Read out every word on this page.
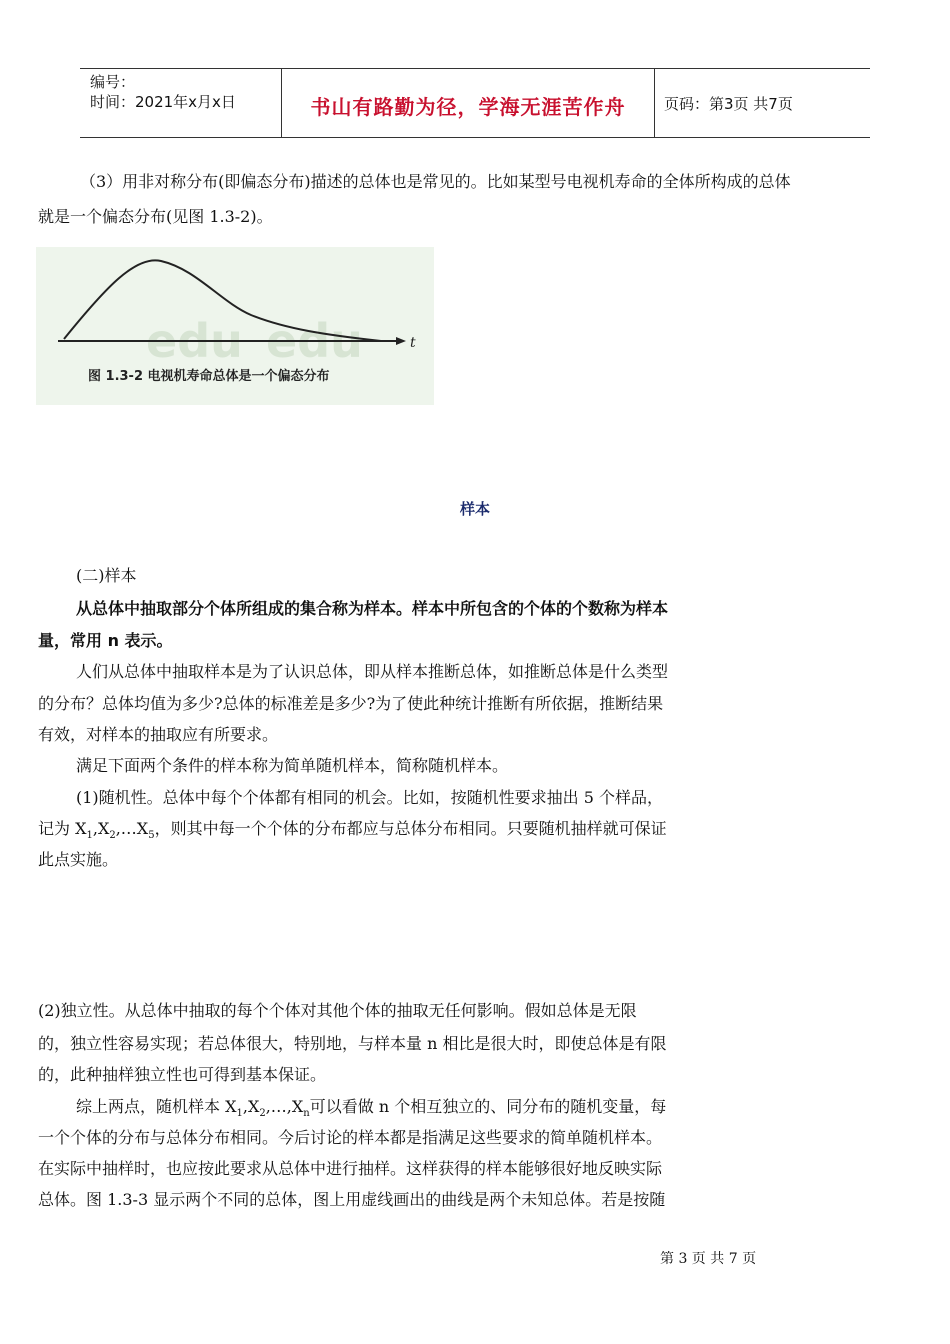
编号：
时间：2021年x月x日	书山有路勤为径，学海无涯苦作舟	页码：第3页 共7页

（3）用非对称分布(即偏态分布)描述的总体也是常见的。比如某型号电视机寿命的全体所构成的总体

就是一个偏态分布(见图 1.3-2)。

edu edu	t
图 1.3-2 电视机寿命总体是一个偏态分布
样本

(二)样本

从总体中抽取部分个体所组成的集合称为样本。样本中所包含的个体的个数称为样本

量，常用 n 表示。

人们从总体中抽取样本是为了认识总体，即从样本推断总体，如推断总体是什么类型

的分布？总体均值为多少?总体的标准差是多少?为了使此种统计推断有所依据，推断结果

有效，对样本的抽取应有所要求。

满足下面两个条件的样本称为简单随机样本，简称随机样本。

(1)随机性。总体中每个个体都有相同的机会。比如，按随机性要求抽出 5 个样品，

记为 $X_1,X_2,\dots X_5$，则其中每一个个体的分布都应与总体分布相同。只要随机抽样就可保证

此点实施。

(2)独立性。从总体中抽取的每个个体对其他个体的抽取无任何影响。假如总体是无限

的，独立性容易实现；若总体很大，特别地，与样本量 n 相比是很大时，即使总体是有限

的，此种抽样独立性也可得到基本保证。

综上两点，随机样本 $X_1,X_2,\dots,X_n$可以看做 n 个相互独立的、同分布的随机变量，每

一个个体的分布与总体分布相同。今后讨论的样本都是指满足这些要求的简单随机样本。

在实际中抽样时，也应按此要求从总体中进行抽样。这样获得的样本能够很好地反映实际

总体。图 1.3-3 显示两个不同的总体，图上用虚线画出的曲线是两个未知总体。若是按随

第 3 页 共 7 页
